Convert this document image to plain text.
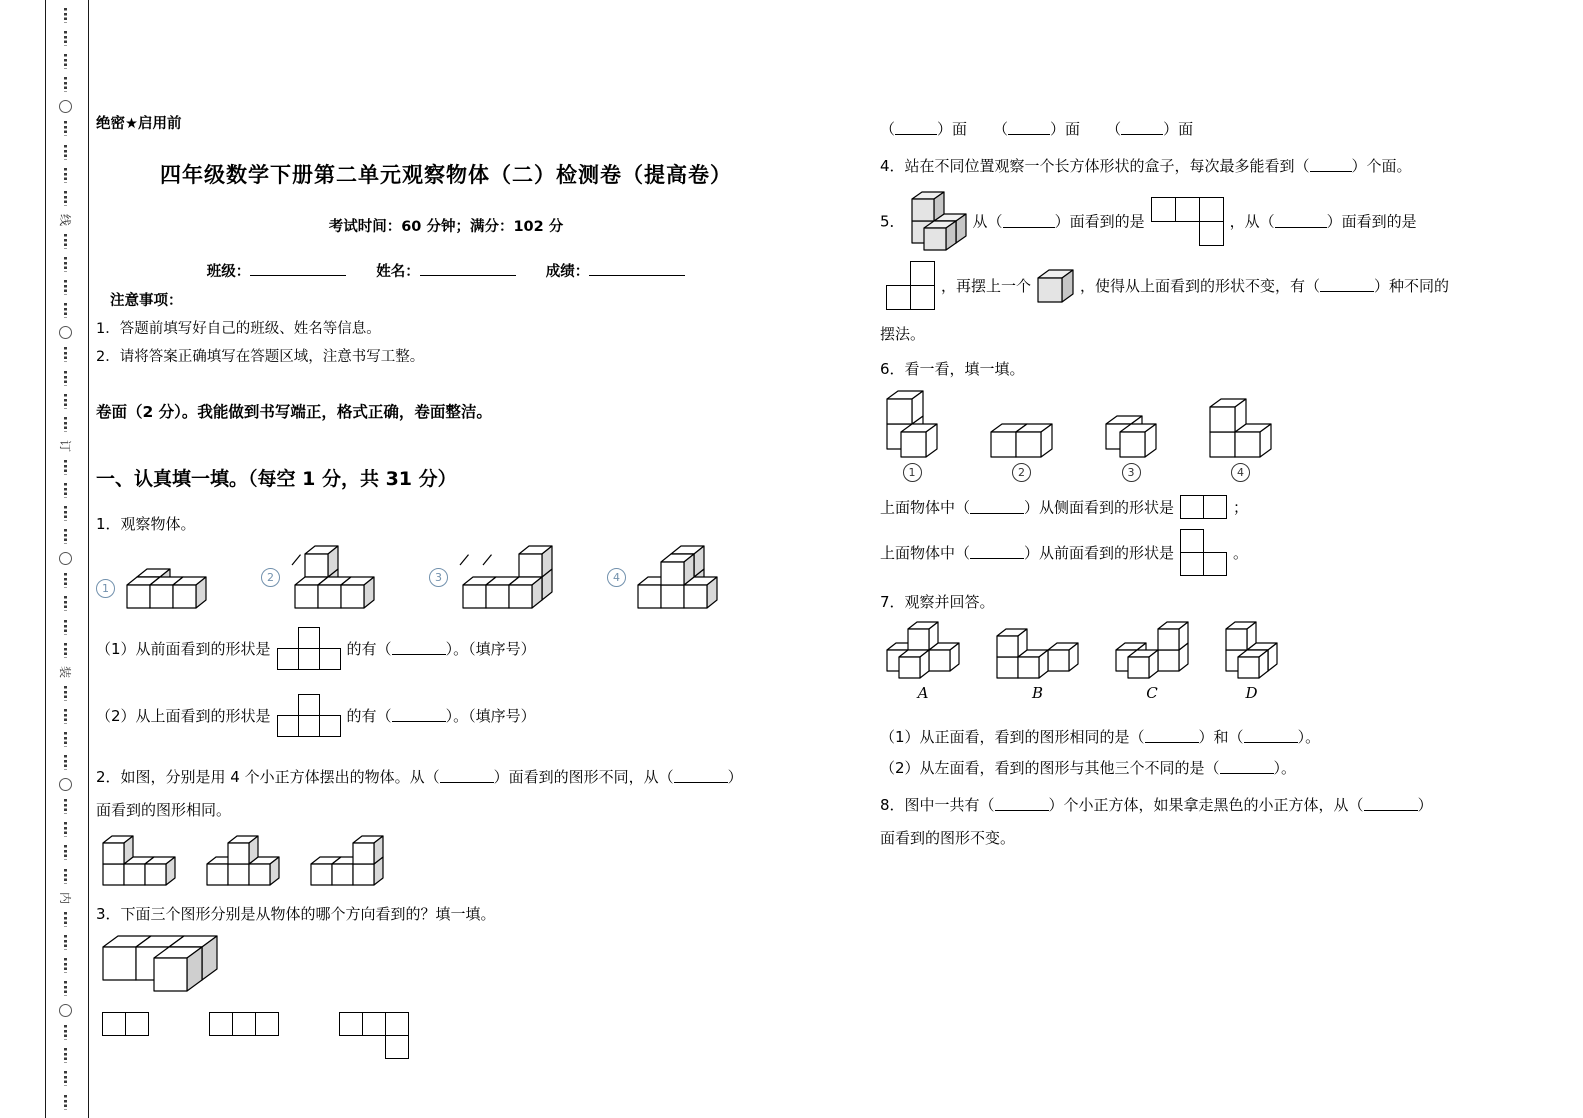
线
订
装
内
绝密★启用前
四年级数学下册第二单元观察物体（二）检测卷（提高卷）
考试时间：60 分钟；满分：102 分
班级：	姓名：	成绩：
注意事项：
1．答题前填写好自己的班级、姓名等信息。
2．请将答案正确填写在答题区域，注意书写工整。
卷面（2 分）。我能做到书写端正，格式正确，卷面整洁。
一、认真填一填。（每空 1 分，共 31 分）
1．观察物体。
1
2	3	4
（1）从前面看到的形状是	的有（	）。（填序号）
（2）从上面看到的形状是	的有（	）。（填序号）
2．如图，分别是用 4 个小正方体摆出的物体。从（	）面看到的图形不同，从（	）
面看到的图形相同。
3．下面三个图形分别是从物体的哪个方向看到的？填一填。
（	）面 （	）面 （	）面
4．站在不同位置观察一个长方体形状的盒子，每次最多能看到（	）个面。
5．	从（	）面看到的是	，从（	）面看到的是
，再摆上一个	，使得从上面看到的形状不变，有（	）种不同的
摆法。
6．看一看，填一填。
1	2	3	4
上面物体中（	）从侧面看到的形状是	；
上面物体中（	）从前面看到的形状是	。
7．观察并回答。
A	B	C	D
（1）从正面看，看到的图形相同的是（	）和（	）。
（2）从左面看，看到的图形与其他三个不同的是（	）。
8．图中一共有（	）个小正方体，如果拿走黑色的小正方体，从（	）
面看到的图形不变。
